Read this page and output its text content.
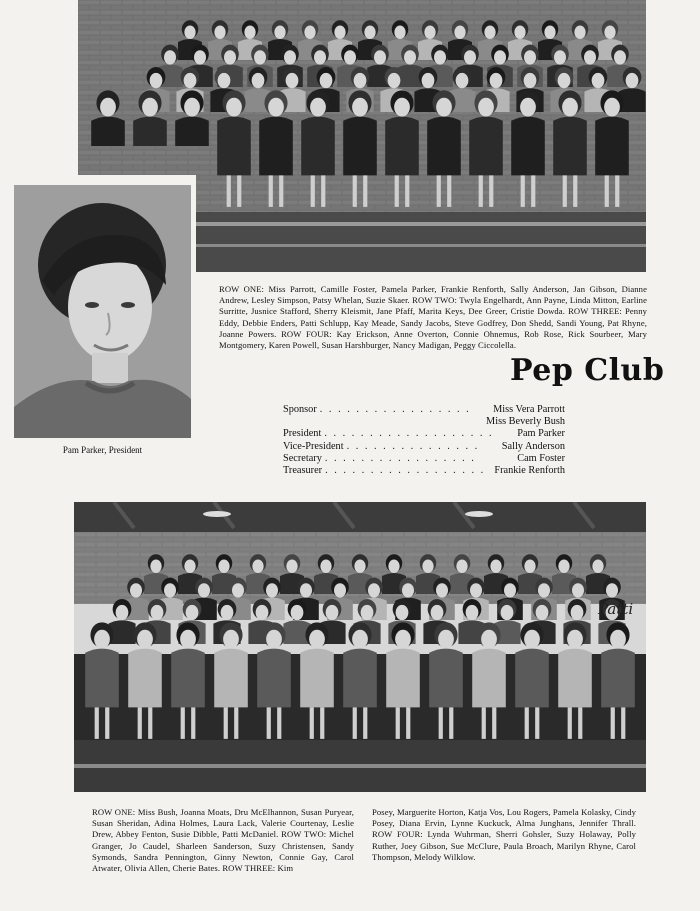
Pam Parker, President
ROW ONE: Miss Parrott, Camille Foster, Pamela Parker, Frankie Renforth, Sally Anderson, Jan Gibson, Dianne Andrew, Lesley Simpson, Patsy Whelan, Suzie Skaer. ROW TWO: Twyla Engelhardt, Ann Payne, Linda Mitton, Earline Surritte, Jusnice Stafford, Sherry Kleismit, Jane Pfaff, Marita Keys, Dee Greer, Cristie Dowda. ROW THREE: Penny Eddy, Debbie Enders, Patti Schlupp, Kay Meade, Sandy Jacobs, Steve Godfrey, Don Shedd, Sandi Young, Pat Rhyne, Joanne Powers. ROW FOUR: Kay Erickson, Anne Overton, Connie Ohnemus, Rob Rose, Rick Sourbeer, Mary Montgomery, Karen Powell, Susan Harshburger, Nancy Madigan, Peggy Ciccolella.
Pep Club
Sponsor . . . . . . . . . . . . . . . . .	Miss Vera Parrott
Miss Beverly Bush
President . . . . . . . . . . . . . . . . . . .	Pam Parker
Vice-President . . . . . . . . . . . . . . .	Sally Anderson
Secretary . . . . . . . . . . . . . . . . .	Cam Foster
Treasurer . . . . . . . . . . . . . . . . . . Frankie Renforth
Patti
ROW ONE: Miss Bush, Joanna Moats, Dru McElhannon, Susan Puryear, Susan Sheridan, Adina Holmes, Laura Lack, Valerie Courtenay, Leslie Drew, Abbey Fenton, Susie Dibble, Patti McDaniel. ROW TWO: Michel Granger, Jo Caudel, Sharleen Sanderson, Suzy Christensen, Sandy Symonds, Sandra Pennington, Ginny Newton, Connie Gay, Carol Atwater, Olivia Allen, Cherie Bates. ROW THREE: Kim
Posey, Marguerite Horton, Katja Vos, Lou Rogers, Pamela Kolasky, Cindy Posey, Diana Ervin, Lynne Kuckuck, Alma Junghans, Jennifer Thrall. ROW FOUR: Lynda Wuhrman, Sherri Gohsler, Suzy Holaway, Polly Ruther, Joey Gibson, Sue McClure, Paula Broach, Marilyn Rhyne, Carol Thompson, Melody Wilklow.
